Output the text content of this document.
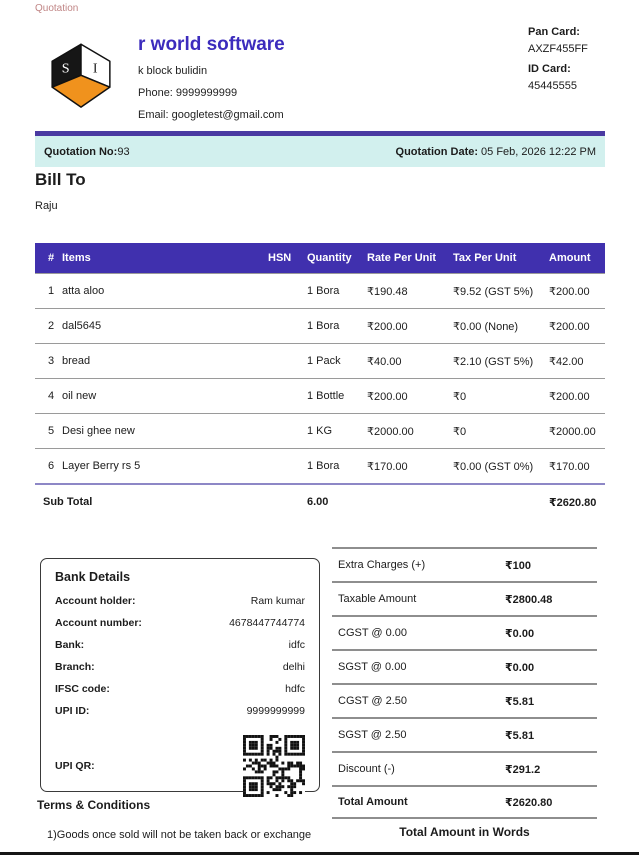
Quotation
S I
r world software
k block bulidin
Phone: 9999999999
Email: googletest@gmail.com
Pan Card:
AXZF455FF
ID Card:
45445555
Quotation No:93	Quotation Date: 05 Feb, 2026 12:22 PM
Bill To
Raju
#	Items	HSN	Quantity	Rate Per Unit	Tax Per Unit	Amount
1	atta aloo		1 Bora	₹190.48	₹9.52 (GST 5%)	₹200.00
2	dal5645		1 Bora	₹200.00	₹0.00 (None)	₹200.00
3	bread		1 Pack	₹40.00	₹2.10 (GST 5%)	₹42.00
4	oil new		1 Bottle	₹200.00	₹0	₹200.00
5	Desi ghee new		1 KG	₹2000.00	₹0	₹2000.00
6	Layer Berry rs 5		1 Bora	₹170.00	₹0.00 (GST 0%)	₹170.00
Sub Total			6.00			₹2620.80
Bank Details
Account holder:	Ram kumar
Account number:	4678447744774
Bank:	idfc
Branch:	delhi
IFSC code:	hdfc
UPI ID:	9999999999
UPI QR:
Terms & Conditions
1)Goods once sold will not be taken back or exchange
Extra Charges (+)	₹100
Taxable Amount	₹2800.48
CGST @ 0.00	₹0.00
SGST @ 0.00	₹0.00
CGST @ 2.50	₹5.81
SGST @ 2.50	₹5.81
Discount (-)	₹291.2
Total Amount	₹2620.80
Total Amount in Words
